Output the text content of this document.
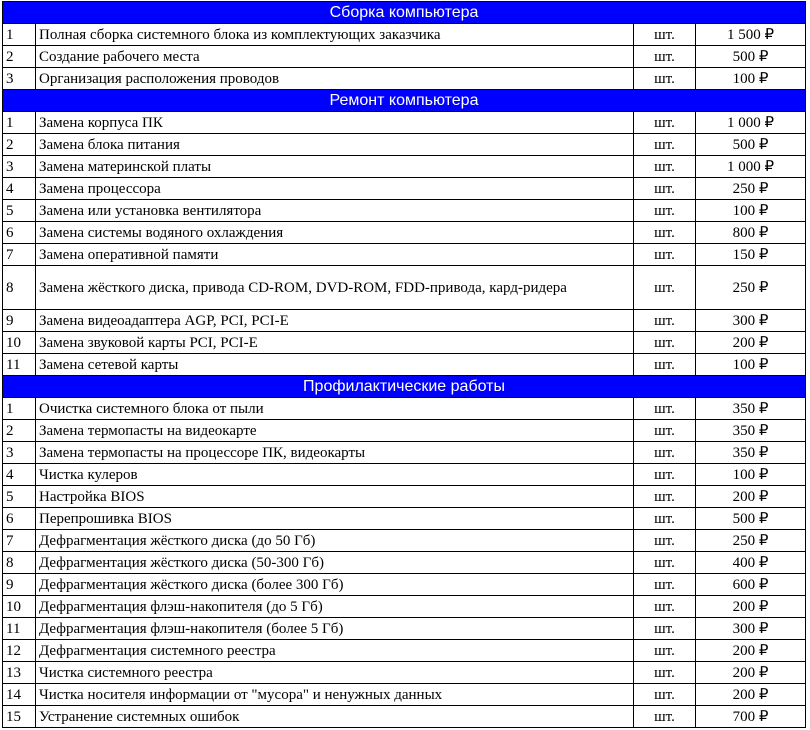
Сборка компьютера			
1	Полная сборка системного блока из комплектующих заказчика	шт.	1 500 ₽
2	Создание рабочего места	шт.	500 ₽
3	Организация расположения проводов	шт.	100 ₽
Ремонт компьютера			
1	Замена корпуса ПК	шт.	1 000 ₽
2	Замена блока питания	шт.	500 ₽
3	Замена материнской платы	шт.	1 000 ₽
4	Замена процессора	шт.	250 ₽
5	Замена или установка вентилятора	шт.	100 ₽
6	Замена системы водяного охлаждения	шт.	800 ₽
7	Замена оперативной памяти	шт.	150 ₽
8	Замена жёсткого диска, привода CD-ROM, DVD-ROM, FDD-привода, кард-ридера	шт.	250 ₽
9	Замена видеоадаптера AGP, PCI, PCI-E	шт.	300 ₽
10	Замена звуковой карты PCI, PCI-E	шт.	200 ₽
11	Замена сетевой карты	шт.	100 ₽
Профилактические работы			
1	Очистка системного блока от пыли	шт.	350 ₽
2	Замена термопасты на видеокарте	шт.	350 ₽
3	Замена термопасты на процессоре ПК, видеокарты	шт.	350 ₽
4	Чистка кулеров	шт.	100 ₽
5	Настройка BIOS	шт.	200 ₽
6	Перепрошивка BIOS	шт.	500 ₽
7	Дефрагментация жёсткого диска (до 50 Гб)	шт.	250 ₽
8	Дефрагментация жёсткого диска (50-300 Гб)	шт.	400 ₽
9	Дефрагментация жёсткого диска (более 300 Гб)	шт.	600 ₽
10	Дефрагментация флэш-накопителя (до 5 Гб)	шт.	200 ₽
11	Дефрагментация флэш-накопителя (более 5 Гб)	шт.	300 ₽
12	Дефрагментация системного реестра	шт.	200 ₽
13	Чистка системного реестра	шт.	200 ₽
14	Чистка носителя информации от "мусора" и ненужных данных	шт.	200 ₽
15	Устранение системных ошибок	шт.	700 ₽
